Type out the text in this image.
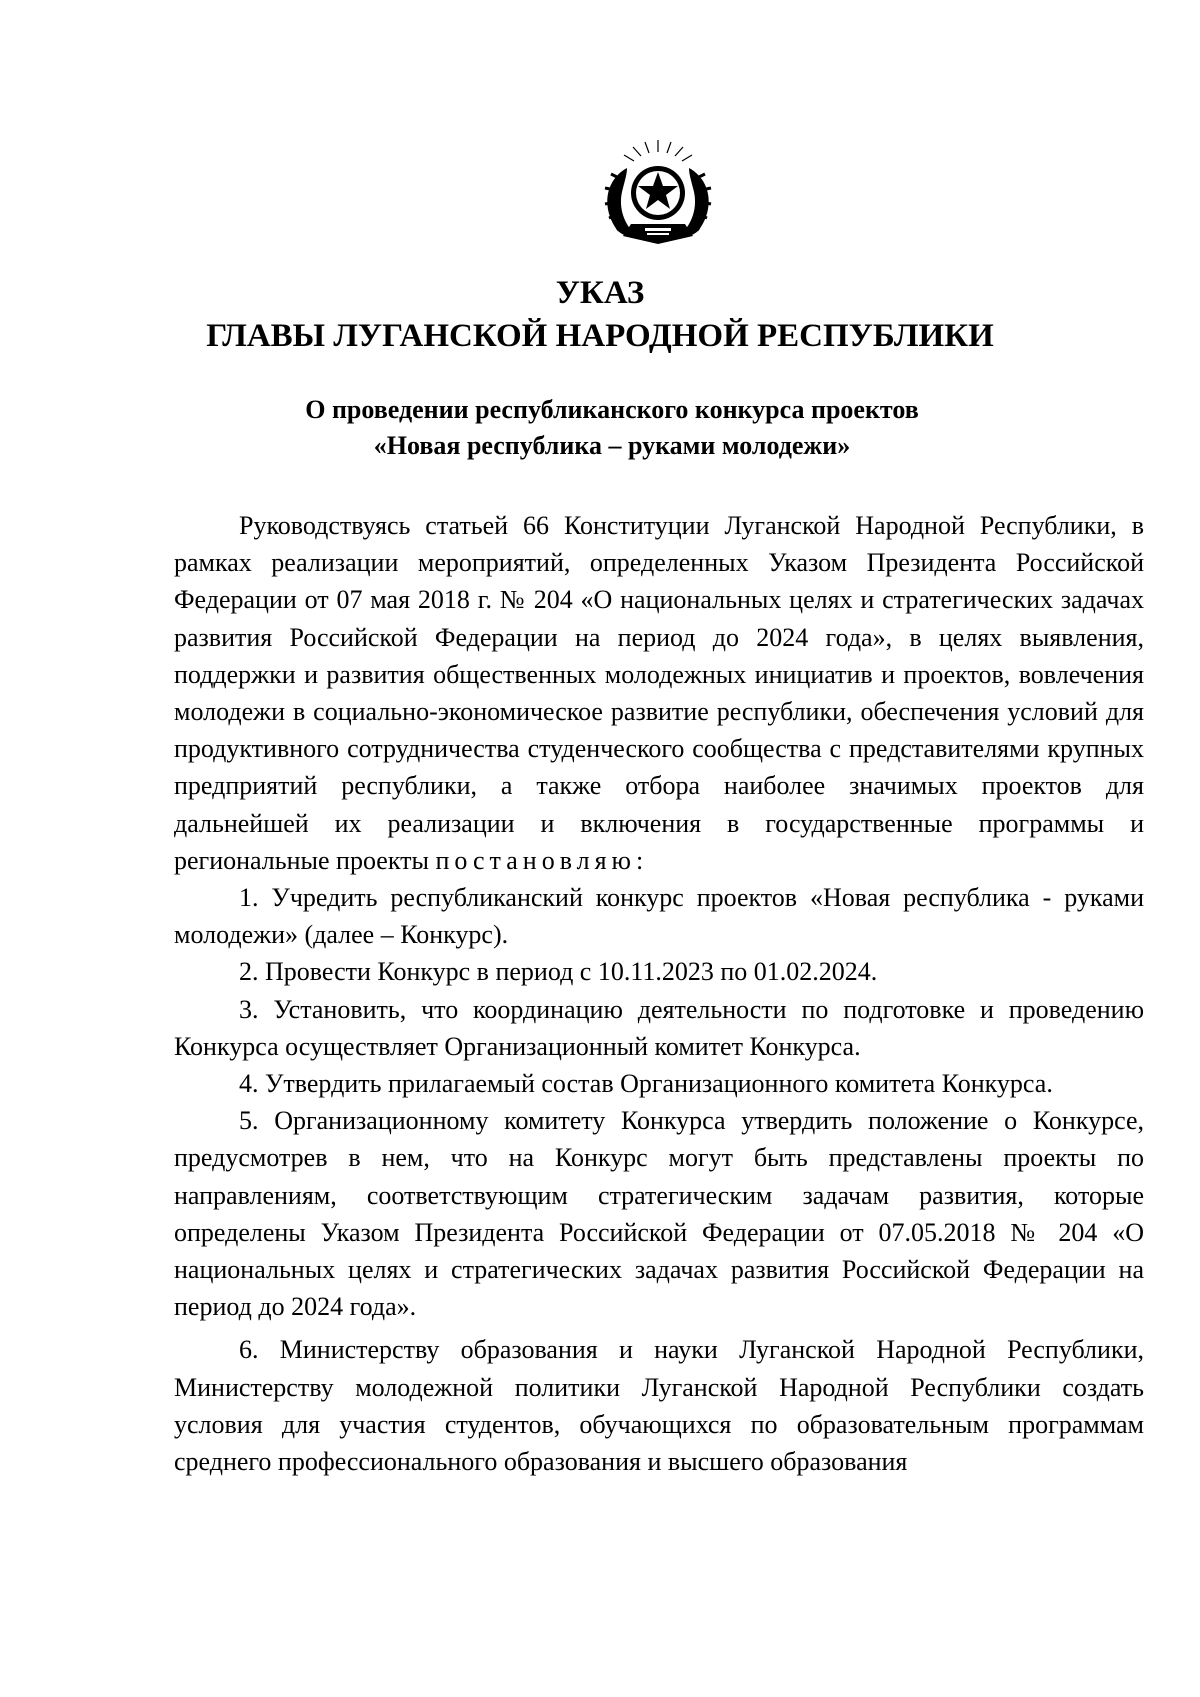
УКАЗ
ГЛАВЫ ЛУГАНСКОЙ НАРОДНОЙ РЕСПУБЛИКИ
О проведении республиканского конкурса проектов
«Новая республика – руками молодежи»

Руководствуясь статьей 66 Конституции Луганской Народной Республики, в рамках реализации мероприятий, определенных Указом Президента Российской Федерации от 07 мая 2018 г. № 204 «О национальных целях и стратегических задачах развития Российской Федерации на период до 2024 года», в целях выявления, поддержки и развития общественных молодежных инициатив и проектов, вовлечения молодежи в социально-экономическое развитие республики, обеспечения условий для продуктивного сотрудничества студенческого сообщества с представителями крупных предприятий республики, а также отбора наиболее значимых проектов для дальнейшей их реализации и включения в государственные программы и региональные проекты постановляю:

1. Учредить республиканский конкурс проектов «Новая республика - руками молодежи» (далее – Конкурс).

2. Провести Конкурс в период с 10.11.2023 по 01.02.2024.

3. Установить, что координацию деятельности по подготовке и проведению Конкурса осуществляет Организационный комитет Конкурса.

4. Утвердить прилагаемый состав Организационного комитета Конкурса.

5. Организационному комитету Конкурса утвердить положение о Конкурсе, предусмотрев в нем, что на Конкурс могут быть представлены проекты по направлениям, соответствующим стратегическим задачам развития, которые определены Указом Президента Российской Федерации от 07.05.2018 № 204 «О национальных целях и стратегических задачах развития Российской Федерации на период до 2024 года».

6. Министерству образования и науки Луганской Народной Республики, Министерству молодежной политики Луганской Народной Республики создать условия для участия студентов, обучающихся по образовательным программам среднего профессионального образования и высшего образования
